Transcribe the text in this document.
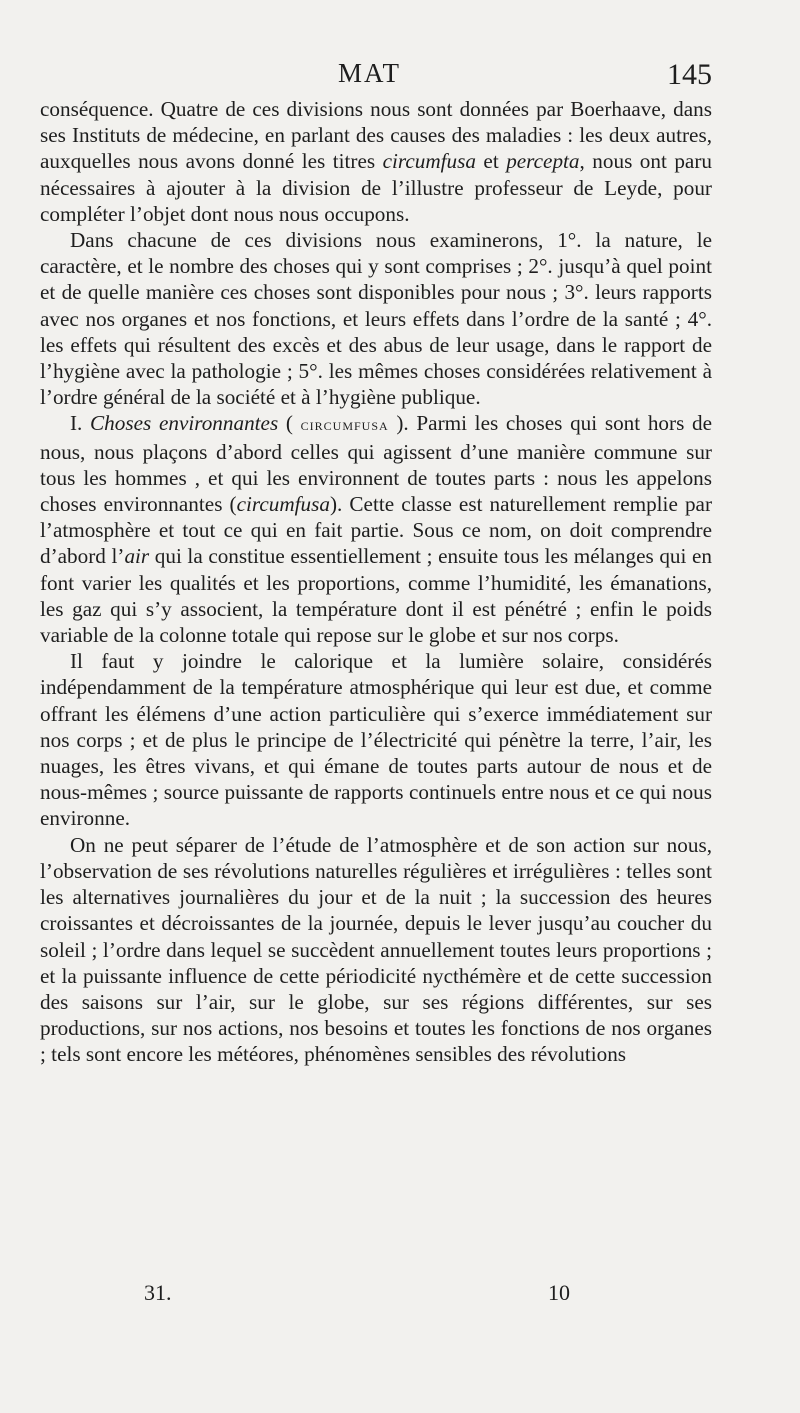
MAT	145

conséquence. Quatre de ces divisions nous sont données par Boerhaave, dans ses Instituts de médecine, en parlant des causes des maladies : les deux autres, auxquelles nous avons donné les titres circumfusa et percepta, nous ont paru nécessaires à ajouter à la division de l’illustre professeur de Leyde, pour compléter l’objet dont nous nous occupons.

Dans chacune de ces divisions nous examinerons, 1°. la nature, le caractère, et le nombre des choses qui y sont comprises ; 2°. jusqu’à quel point et de quelle manière ces choses sont disponibles pour nous ; 3°. leurs rapports avec nos organes et nos fonctions, et leurs effets dans l’ordre de la santé ; 4°. les effets qui résultent des excès et des abus de leur usage, dans le rapport de l’hygiène avec la pathologie ; 5°. les mêmes choses considérées relativement à l’ordre général de la société et à l’hygiène publique.

I. Choses environnantes ( circumfusa ). Parmi les choses qui sont hors de nous, nous plaçons d’abord celles qui agissent d’une manière commune sur tous les hommes , et qui les environnent de toutes parts : nous les appelons choses environnantes (circumfusa). Cette classe est naturellement remplie par l’atmosphère et tout ce qui en fait partie. Sous ce nom, on doit comprendre d’abord l’air qui la constitue essentiellement ; ensuite tous les mélanges qui en font varier les qualités et les proportions, comme l’humidité, les émanations, les gaz qui s’y associent, la température dont il est pénétré ; enfin le poids variable de la colonne totale qui repose sur le globe et sur nos corps.

Il faut y joindre le calorique et la lumière solaire, considérés indépendamment de la température atmosphérique qui leur est due, et comme offrant les élémens d’une action particulière qui s’exerce immédiatement sur nos corps ; et de plus le principe de l’électricité qui pénètre la terre, l’air, les nuages, les êtres vivans, et qui émane de toutes parts autour de nous et de nous-mêmes ; source puissante de rapports continuels entre nous et ce qui nous environne.

On ne peut séparer de l’étude de l’atmosphère et de son action sur nous, l’observation de ses révolutions naturelles régulières et irrégulières : telles sont les alternatives journalières du jour et de la nuit ; la succession des heures croissantes et décroissantes de la journée, depuis le lever jusqu’au coucher du soleil ; l’ordre dans lequel se succèdent annuellement toutes leurs proportions ; et la puissante influence de cette périodicité nycthémère et de cette succession des saisons sur l’air, sur le globe, sur ses régions différentes, sur ses productions, sur nos actions, nos besoins et toutes les fonctions de nos organes ; tels sont encore les météores, phénomènes sensibles des révolutions

31.	10
